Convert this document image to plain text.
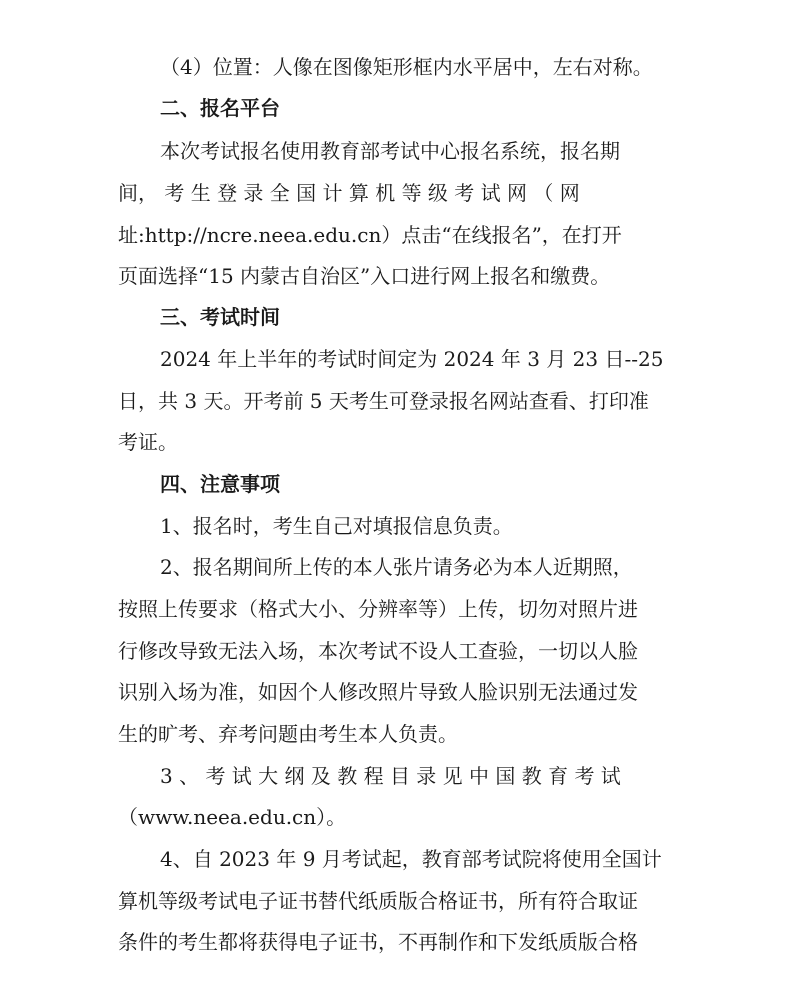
（4）位置：人像在图像矩形框内水平居中，左右对称。
二、报名平台
本次考试报名使用教育部考试中心报名系统，报名期
间， 考 生 登 录 全 国 计 算 机 等 级 考 试 网 （ 网
址:http://ncre.neea.edu.cn）点击“在线报名”，在打开
页面选择“15 内蒙古自治区”入口进行网上报名和缴费。
三、考试时间
2024 年上半年的考试时间定为 2024 年 3 月 23 日--25
日，共 3 天。开考前 5 天考生可登录报名网站查看、打印准
考证。
四、注意事项
1、报名时，考生自己对填报信息负责。
2、报名期间所上传的本人张片请务必为本人近期照，
按照上传要求（格式大小、分辨率等）上传，切勿对照片进
行修改导致无法入场，本次考试不设人工查验，一切以人脸
识别入场为准，如因个人修改照片导致人脸识别无法通过发
生的旷考、弃考问题由考生本人负责。
3 、 考 试 大 纲 及 教 程 目 录 见 中 国 教 育 考 试
（www.neea.edu.cn）。
4、自 2023 年 9 月考试起，教育部考试院将使用全国计
算机等级考试电子证书替代纸质版合格证书，所有符合取证
条件的考生都将获得电子证书，不再制作和下发纸质版合格
